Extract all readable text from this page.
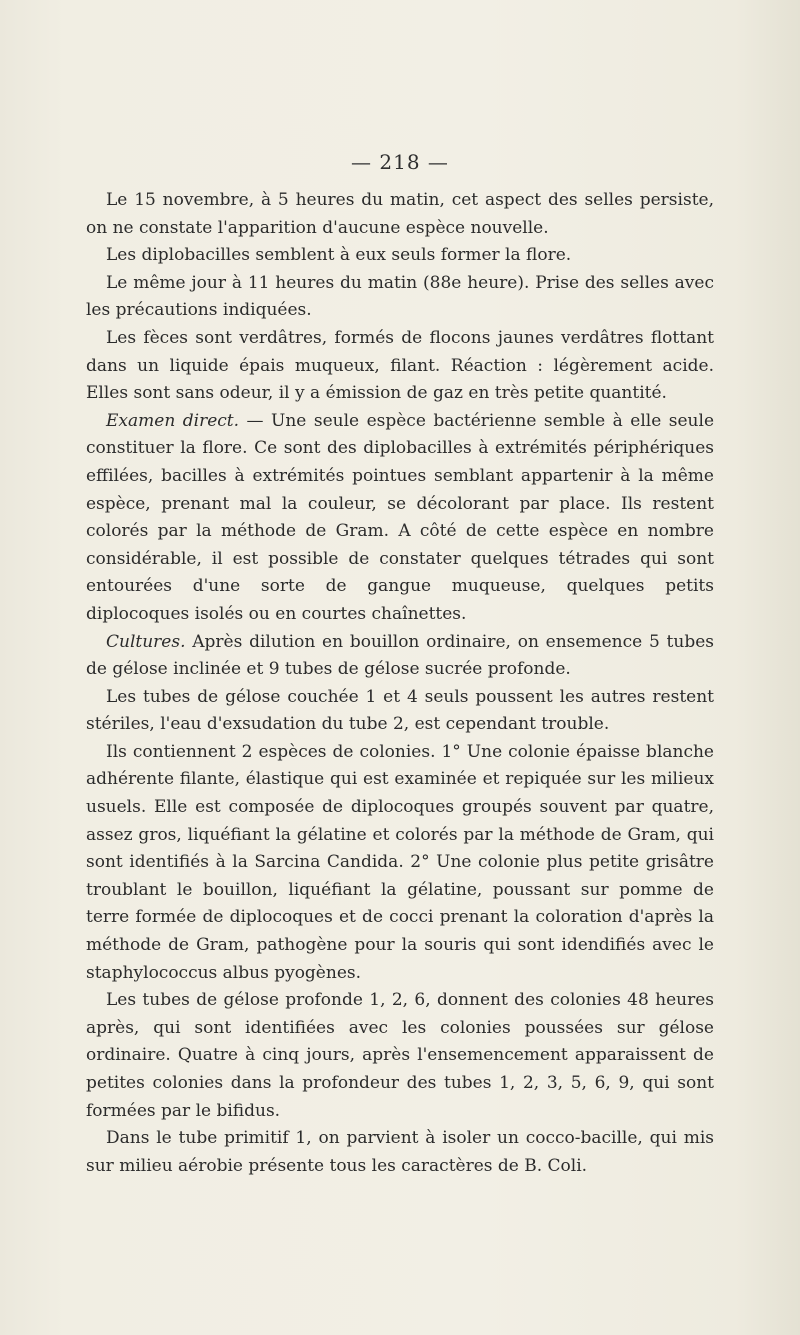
— 218 —

Le 15 novembre, à 5 heures du matin, cet aspect des selles persiste, on ne constate l'apparition d'aucune espèce nouvelle.

Les diplobacilles semblent à eux seuls former la flore.

Le même jour à 11 heures du matin (88e heure). Prise des selles avec les précautions indiquées.

Les fèces sont verdâtres, formés de flocons jaunes verdâtres flottant dans un liquide épais muqueux, filant. Réaction : légèrement acide. Elles sont sans odeur, il y a émission de gaz en très petite quantité.

Examen direct. — Une seule espèce bactérienne semble à elle seule constituer la flore. Ce sont des diplobacilles à extrémités périphériques effilées, bacilles à extrémités pointues semblant appartenir à la même espèce, prenant mal la couleur, se décolorant par place. Ils restent colorés par la méthode de Gram. A côté de cette espèce en nombre considérable, il est possible de constater quelques tétrades qui sont entourées d'une sorte de gangue muqueuse, quelques petits diplocoques isolés ou en courtes chaînettes.

Cultures. Après dilution en bouillon ordinaire, on ensemence 5 tubes de gélose inclinée et 9 tubes de gélose sucrée profonde.

Les tubes de gélose couchée 1 et 4 seuls poussent les autres restent stériles, l'eau d'exsudation du tube 2, est cependant trouble.

Ils contiennent 2 espèces de colonies. 1° Une colonie épaisse blanche adhérente filante, élastique qui est examinée et repiquée sur les milieux usuels. Elle est composée de diplocoques groupés souvent par quatre, assez gros, liquéfiant la gélatine et colorés par la méthode de Gram, qui sont identifiés à la Sarcina Candida. 2° Une colonie plus petite grisâtre troublant le bouillon, liquéfiant la gélatine, poussant sur pomme de terre formée de diplocoques et de cocci prenant la coloration d'après la méthode de Gram, pathogène pour la souris qui sont idendifiés avec le staphylococcus albus pyogènes.

Les tubes de gélose profonde 1, 2, 6, donnent des colonies 48 heures après, qui sont identifiées avec les colonies poussées sur gélose ordinaire. Quatre à cinq jours, après l'ensemencement apparaissent de petites colonies dans la profondeur des tubes 1, 2, 3, 5, 6, 9, qui sont formées par le bifidus.

Dans le tube primitif 1, on parvient à isoler un cocco-bacille, qui mis sur milieu aérobie présente tous les caractères de B. Coli.
